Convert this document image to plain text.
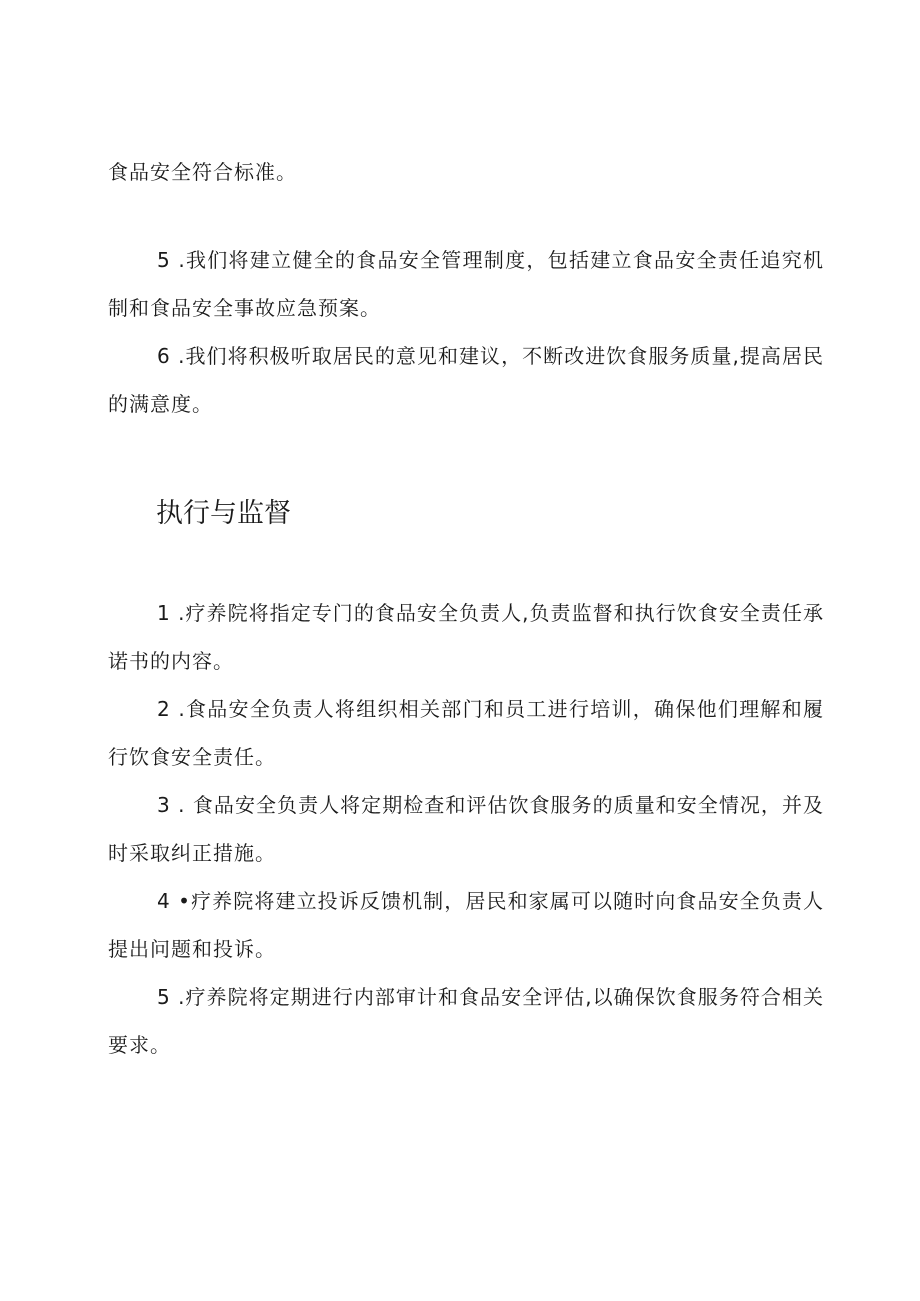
食品安全符合标准。

5 .我们将建立健全的食品安全管理制度，包括建立食品安全责任追究机制和食品安全事故应急预案。

6 .我们将积极听取居民的意见和建议，不断改进饮食服务质量,提高居民的满意度。

执行与监督

1 .疗养院将指定专门的食品安全负责人,负责监督和执行饮食安全责任承诺书的内容。

2 .食品安全负责人将组织相关部门和员工进行培训，确保他们理解和履行饮食安全责任。

3 . 食品安全负责人将定期检查和评估饮食服务的质量和安全情况，并及时采取纠正措施。

4 •疗养院将建立投诉反馈机制，居民和家属可以随时向食品安全负责人提出问题和投诉。

5 .疗养院将定期进行内部审计和食品安全评估,以确保饮食服务符合相关要求。
